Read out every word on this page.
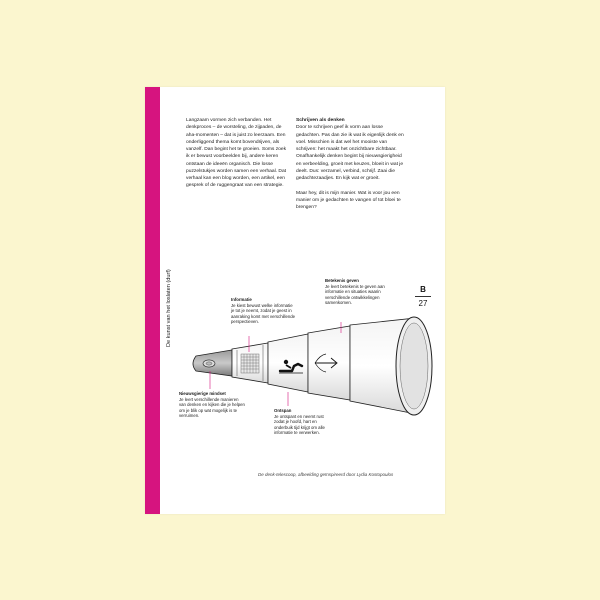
De kunst van het loslaten (durf)

Langzaam vormen zich verbanden. Het denkproces – de worsteling, de zijpaden, de aha-momenten – dat is juist zo leerzaam. Een onderliggend thema komt bovendrijven, als vanzelf. Dan begint het te groeien. Soms zoek ik er bewust voorbeelden bij, andere keren ontstaan de ideeën organisch. Die losse puzzelstukjes worden samen een verhaal. Dat verhaal kan een blog worden, een artikel, een gesprek of de ruggengraat van een strategie.

Schrijven als denken

Door te schrijven geef ik vorm aan losse gedachten. Pas dan zie ik wat ik eigenlijk denk en voel. Misschien is dat wel het mooiste van schrijven: het maakt het onzichtbare zichtbaar. Onafhankelijk denken begint bij nieuwsgierigheid en verbeelding, groeit met keuzes, bloeit in wat je deelt. Dus: verzamel, verbind, schrijf. Zaai die gedachtezaadjes. En kijk wat er groeit.

Maar hey, dit is mijn manier. Wat is voor jou een manier om je gedachten te vangen of tot bloei te brengen?

B
27
Informatie
Je kiest bewust welke informatie je tot je neemt, zodat je geest in aanraking komt met verschillende perspectieven.
Betekenis geven
Je leert betekenis te geven aan informatie en situaties waarin verschillende ontwikkelingen samenkomen.
Nieuwsgierige mindset
Je leert verschillende manieren van denken en kijken die je helpen om je blik op wat mogelijk is te verruimen.
Ontspan
Je ontspant en neemt rust zodat je hoofd, hart en onderbuik tijd krijgt om alle informatie te verwerken.
De denk-telescoop, afbeelding geïnspireerd door Lydia Kostopoulos
